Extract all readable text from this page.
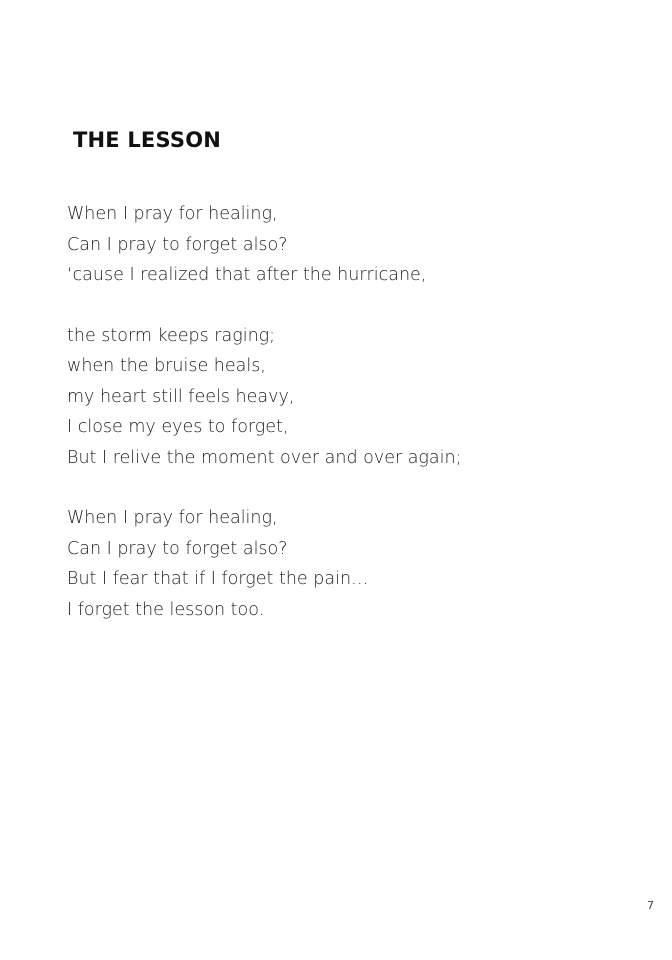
THE LESSON
When I pray for healing,
Can I pray to forget also?
‘cause I realized that after the hurricane,
the storm keeps raging;
when the bruise heals,
my heart still feels heavy,
I close my eyes to forget,
But I relive the moment over and over again;
When I pray for healing,
Can I pray to forget also?
But I fear that if I forget the pain…
I forget the lesson too.
7
